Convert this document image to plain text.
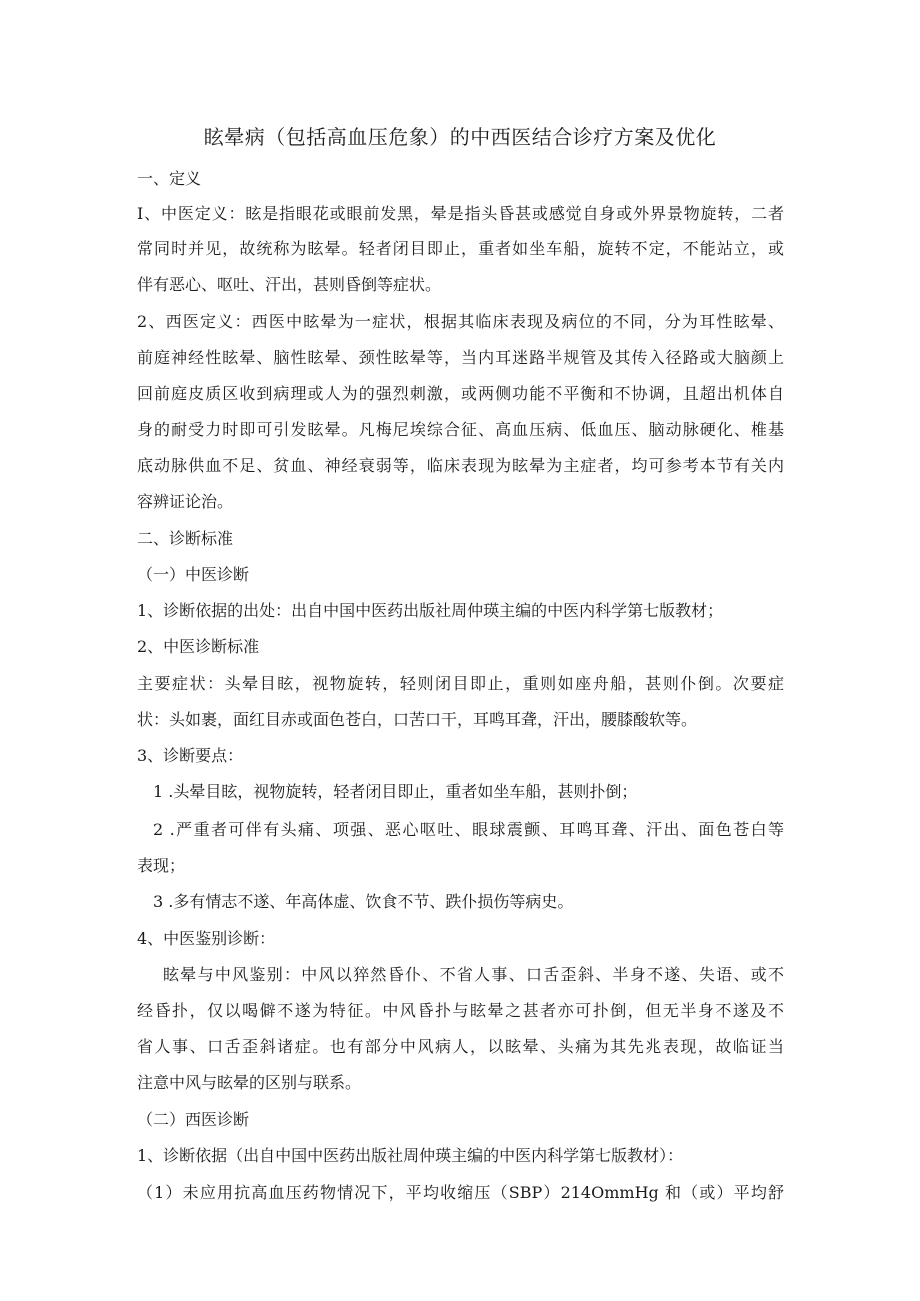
眩晕病（包括高血压危象）的中西医结合诊疗方案及优化
一、定义
I、中医定义：眩是指眼花或眼前发黑，晕是指头昏甚或感觉自身或外界景物旋转，二者
常同时并见，故统称为眩晕。轻者闭目即止，重者如坐车船，旋转不定，不能站立，或
伴有恶心、呕吐、汗出，甚则昏倒等症状。
2、西医定义：西医中眩晕为一症状，根据其临床表现及病位的不同，分为耳性眩晕、
前庭神经性眩晕、脑性眩晕、颈性眩晕等，当内耳迷路半规管及其传入径路或大脑颜上
回前庭皮质区收到病理或人为的强烈刺激，或两侧功能不平衡和不协调，且超出机体自
身的耐受力时即可引发眩晕。凡梅尼埃综合征、高血压病、低血压、脑动脉硬化、椎基
底动脉供血不足、贫血、神经衰弱等，临床表现为眩晕为主症者，均可参考本节有关内
容辨证论治。
二、诊断标准
（一）中医诊断
1、诊断依据的出处：出自中国中医药出版社周仲瑛主编的中医内科学第七版教材；
2、中医诊断标准
主要症状：头晕目眩，视物旋转，轻则闭目即止，重则如座舟船，甚则仆倒。次要症
状：头如裹，面红目赤或面色苍白，口苦口干，耳鸣耳聋，汗出，腰膝酸软等。
3、诊断要点：
1 .头晕目眩，视物旋转，轻者闭目即止，重者如坐车船，甚则扑倒；
2 .严重者可伴有头痛、项强、恶心呕吐、眼球震颤、耳鸣耳聋、汗出、面色苍白等
表现；
3 .多有情志不遂、年高体虚、饮食不节、跌仆损伤等病史。
4、中医鉴别诊断：
眩晕与中风鉴别：中风以猝然昏仆、不省人事、口舌歪斜、半身不遂、失语、或不
经昏扑，仅以喝僻不遂为特征。中风昏扑与眩晕之甚者亦可扑倒，但无半身不遂及不
省人事、口舌歪斜诸症。也有部分中风病人，以眩晕、头痛为其先兆表现，故临证当
注意中风与眩晕的区别与联系。
（二）西医诊断
1、诊断依据（出自中国中医药出版社周仲瑛主编的中医内科学第七版教材）：
（1）未应用抗高血压药物情况下，平均收缩压（SBP）214OmmHg 和（或）平均舒
